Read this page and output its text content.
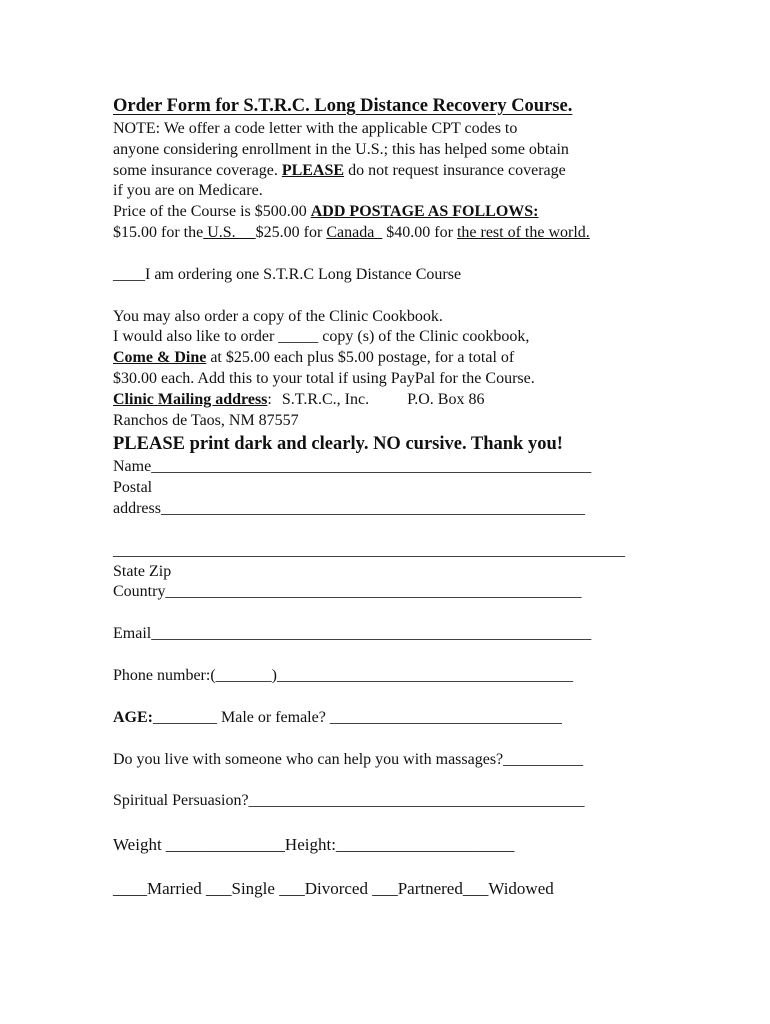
Order Form for S.T.R.C. Long Distance Recovery Course.

NOTE: We offer a code letter with the applicable CPT codes to

anyone considering enrollment in the U.S.; this has helped some obtain

some insurance coverage. PLEASE do not request insurance coverage

if you are on Medicare.

Price of the Course is $500.00 ADD POSTAGE AS FOLLOWS:

$15.00 for the U.S.     $25.00 for Canada   $40.00 for the rest of the world.

____I am ordering one S.T.R.C Long Distance Course

You may also order a copy of the Clinic Cookbook.

I would also like to order _____ copy (s) of the Clinic cookbook,

Come & Dine at $25.00 each plus $5.00 postage, for a total of

$30.00 each. Add this to your total if using PayPal for the Course.

Clinic Mailing address: S.T.R.C., Inc. P.O. Box 86

Ranchos de Taos, NM 87557

PLEASE print dark and clearly. NO cursive. Thank you!

Name_______________________________________________________

Postal

address_____________________________________________________

________________________________________________________________

State Zip

Country____________________________________________________

Email_______________________________________________________

Phone number:(_______)_____________________________________

AGE:________ Male or female? _____________________________

Do you live with someone who can help you with massages?__________

Spiritual Persuasion?__________________________________________

Weight ______________Height:_____________________

____Married ___Single ___Divorced ___Partnered___Widowed
